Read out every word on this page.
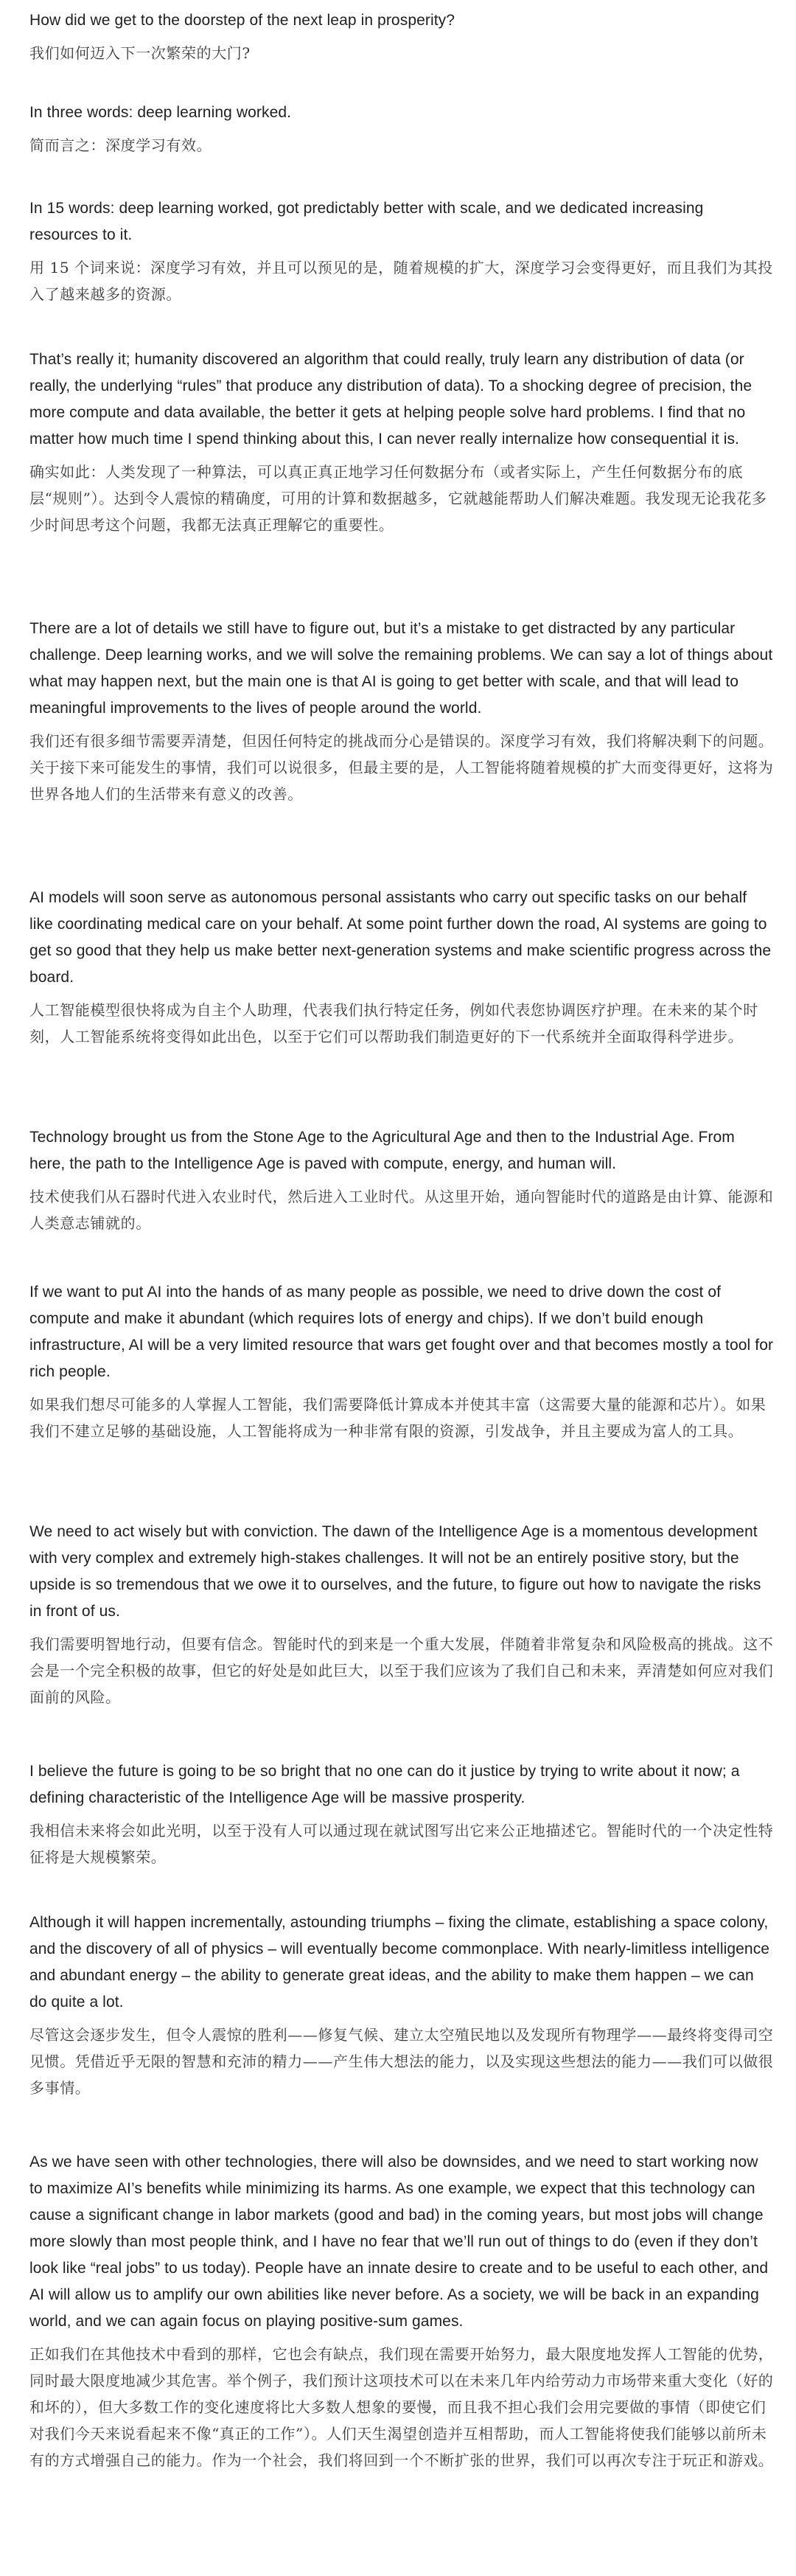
How did we get to the doorstep of the next leap in prosperity?

我们如何迈入下一次繁荣的大门?

In three words: deep learning worked.

简而言之：深度学习有效。

In 15 words: deep learning worked, got predictably better with scale, and we dedicated increasing resources to it.

用 15 个词来说：深度学习有效，并且可以预见的是，随着规模的扩大，深度学习会变得更好，而且我们为其投入了越来越多的资源。

That’s really it; humanity discovered an algorithm that could really, truly learn any distribution of data (or really, the underlying “rules” that produce any distribution of data). To a shocking degree of precision, the more compute and data available, the better it gets at helping people solve hard problems. I find that no matter how much time I spend thinking about this, I can never really internalize how consequential it is.

确实如此：人类发现了一种算法，可以真正真正地学习任何数据分布（或者实际上，产生任何数据分布的底层“规则”）。达到令人震惊的精确度，可用的计算和数据越多，它就越能帮助人们解决难题。我发现无论我花多少时间思考这个问题，我都无法真正理解它的重要性。

There are a lot of details we still have to figure out, but it’s a mistake to get distracted by any particular challenge. Deep learning works, and we will solve the remaining problems. We can say a lot of things about what may happen next, but the main one is that AI is going to get better with scale, and that will lead to meaningful improvements to the lives of people around the world.

我们还有很多细节需要弄清楚，但因任何特定的挑战而分心是错误的。深度学习有效，我们将解决剩下的问题。关于接下来可能发生的事情，我们可以说很多，但最主要的是，人工智能将随着规模的扩大而变得更好，这将为世界各地人们的生活带来有意义的改善。

AI models will soon serve as autonomous personal assistants who carry out specific tasks on our behalf like coordinating medical care on your behalf. At some point further down the road, AI systems are going to get so good that they help us make better next-generation systems and make scientific progress across the board.

人工智能模型很快将成为自主个人助理，代表我们执行特定任务，例如代表您协调医疗护理。在未来的某个时刻，人工智能系统将变得如此出色，以至于它们可以帮助我们制造更好的下一代系统并全面取得科学进步。

Technology brought us from the Stone Age to the Agricultural Age and then to the Industrial Age. From here, the path to the Intelligence Age is paved with compute, energy, and human will.

技术使我们从石器时代进入农业时代，然后进入工业时代。从这里开始，通向智能时代的道路是由计算、能源和人类意志铺就的。

If we want to put AI into the hands of as many people as possible, we need to drive down the cost of compute and make it abundant (which requires lots of energy and chips). If we don’t build enough infrastructure, AI will be a very limited resource that wars get fought over and that becomes mostly a tool for rich people.

如果我们想尽可能多的人掌握人工智能，我们需要降低计算成本并使其丰富（这需要大量的能源和芯片）。如果我们不建立足够的基础设施，人工智能将成为一种非常有限的资源，引发战争，并且主要成为富人的工具。

We need to act wisely but with conviction. The dawn of the Intelligence Age is a momentous development with very complex and extremely high-stakes challenges. It will not be an entirely positive story, but the upside is so tremendous that we owe it to ourselves, and the future, to figure out how to navigate the risks in front of us.

我们需要明智地行动，但要有信念。智能时代的到来是一个重大发展，伴随着非常复杂和风险极高的挑战。这不会是一个完全积极的故事，但它的好处是如此巨大，以至于我们应该为了我们自己和未来，弄清楚如何应对我们面前的风险。

I believe the future is going to be so bright that no one can do it justice by trying to write about it now; a defining characteristic of the Intelligence Age will be massive prosperity.

我相信未来将会如此光明，以至于没有人可以通过现在就试图写出它来公正地描述它。智能时代的一个决定性特征将是大规模繁荣。

Although it will happen incrementally, astounding triumphs – fixing the climate, establishing a space colony, and the discovery of all of physics – will eventually become commonplace. With nearly-limitless intelligence and abundant energy – the ability to generate great ideas, and the ability to make them happen – we can do quite a lot.

尽管这会逐步发生，但令人震惊的胜利——修复气候、建立太空殖民地以及发现所有物理学——最终将变得司空见惯。凭借近乎无限的智慧和充沛的精力——产生伟大想法的能力，以及实现这些想法的能力——我们可以做很多事情。

As we have seen with other technologies, there will also be downsides, and we need to start working now to maximize AI’s benefits while minimizing its harms. As one example, we expect that this technology can cause a significant change in labor markets (good and bad) in the coming years, but most jobs will change more slowly than most people think, and I have no fear that we’ll run out of things to do (even if they don’t look like “real jobs” to us today). People have an innate desire to create and to be useful to each other, and AI will allow us to amplify our own abilities like never before. As a society, we will be back in an expanding world, and we can again focus on playing positive-sum games.

正如我们在其他技术中看到的那样，它也会有缺点，我们现在需要开始努力，最大限度地发挥人工智能的优势，同时最大限度地减少其危害。举个例子，我们预计这项技术可以在未来几年内给劳动力市场带来重大变化（好的和坏的），但大多数工作的变化速度将比大多数人想象的要慢，而且我不担心我们会用完要做的事情（即使它们对我们今天来说看起来不像“真正的工作”）。人们天生渴望创造并互相帮助，而人工智能将使我们能够以前所未有的方式增强自己的能力。作为一个社会，我们将回到一个不断扩张的世界，我们可以再次专注于玩正和游戏。
